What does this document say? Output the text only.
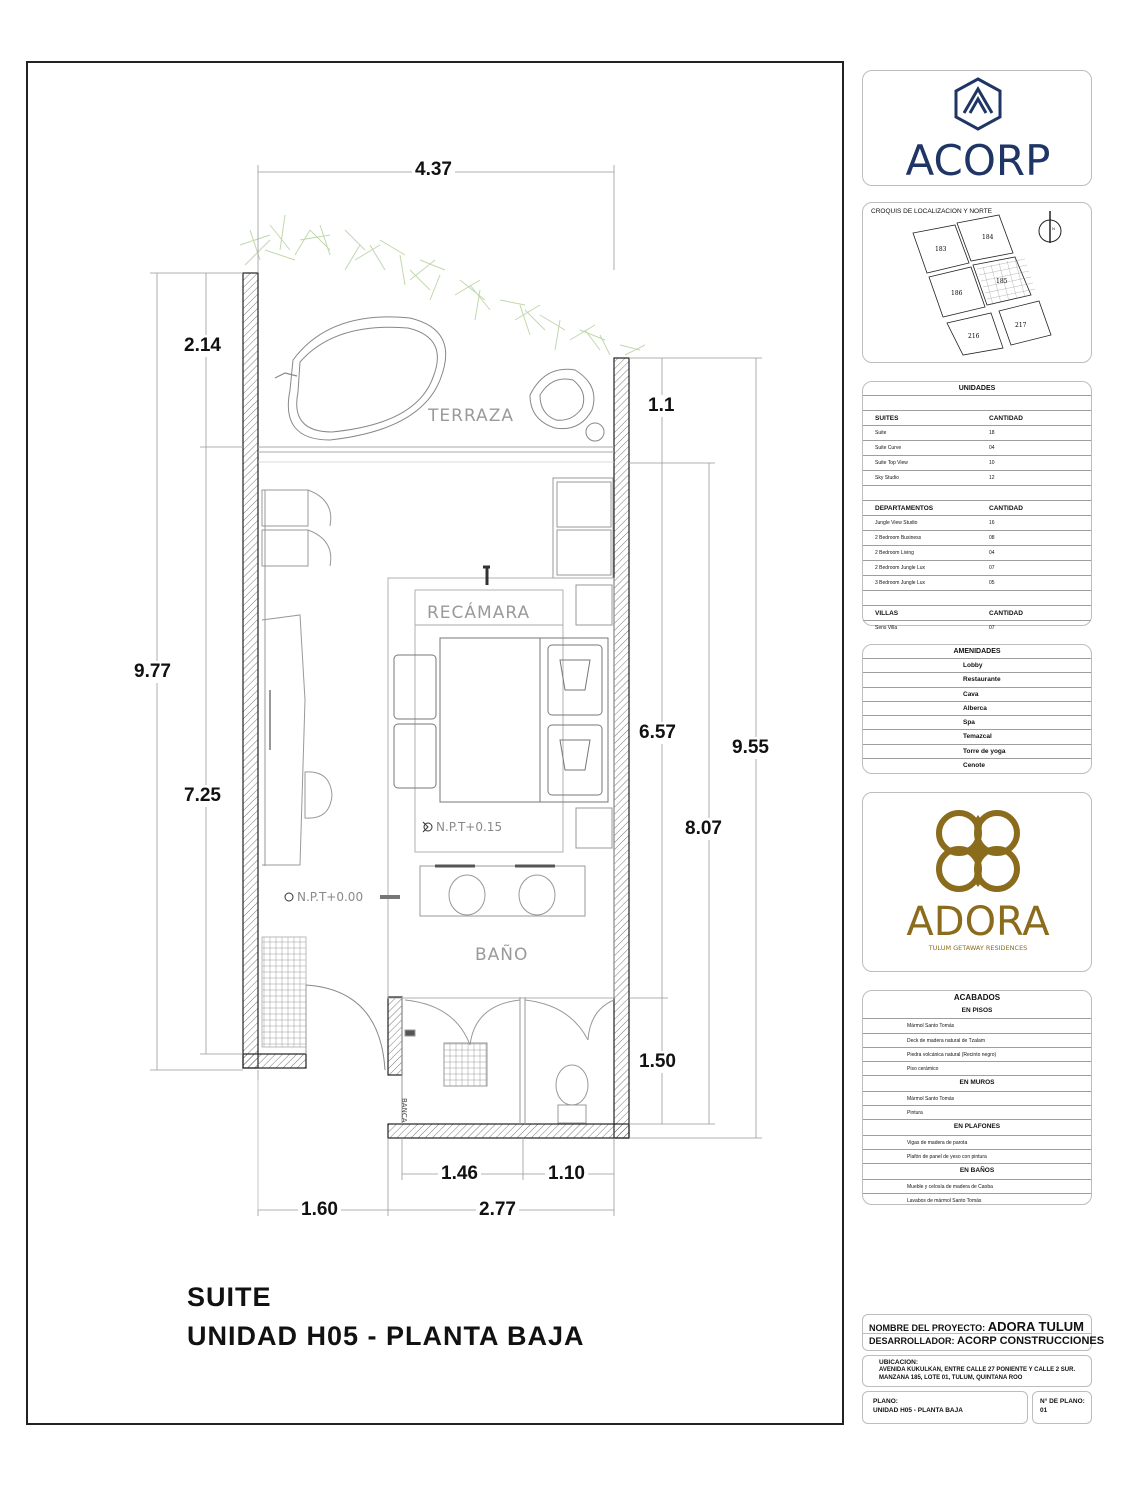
TERRAZA
RECÁMARA
BAÑO
BANCA
N.P.T+0.15
N.P.T+0.00
4.37
2.14
9.77
7.25
1.1
6.57
9.55
8.07
1.50
1.46	1.10
1.60	2.77
SUITE
UNIDAD H05 - PLANTA BAJA
ACORP
CROQUIS DE LOCALIZACION Y NORTE
183
184
185
186
216
217
N
UNIDADES
SUITES	CANTIDAD
Suite	18
Suite Curve	04
Suite Top View	10
Sky Studio	12
DEPARTAMENTOS	CANTIDAD
Jungle View Studio	16
2 Bedroom Business	08
2 Bedroom Living	04
2 Bedroom Jungle Lux	07
3 Bedroom Jungle Lux	05
VILLAS	CANTIDAD
Sens Villa	07
AMENIDADES
Lobby
Restaurante
Cava
Alberca
Spa
Temazcal
Torre de yoga
Cenote
ADORA
TULUM GETAWAY RESIDENCES
ACABADOS
EN PISOS
Mármol Santo Tomás
Deck de madera natural de Tzalam
Piedra volcánica natural (Recinto negro)
Piso cerámico
EN MUROS
Mármol Santo Tomás
Pintura
EN PLAFONES
Vigas de madera de parota
Plafón de panel de yeso con pintura
EN BAÑOS
Mueble y celosía de madera de Caoba
Lavabos de mármol Santo Tomás
NOMBRE DEL PROYECTO: ADORA TULUM
DESARROLLADOR: ACORP CONSTRUCCIONES
UBICACION:
AVENIDA KUKULKAN, ENTRE CALLE 27 PONIENTE Y CALLE 2 SUR.
MANZANA 185, LOTE 01, TULUM, QUINTANA ROO
PLANO:
UNIDAD H05 - PLANTA BAJA
N° DE PLANO:
01
